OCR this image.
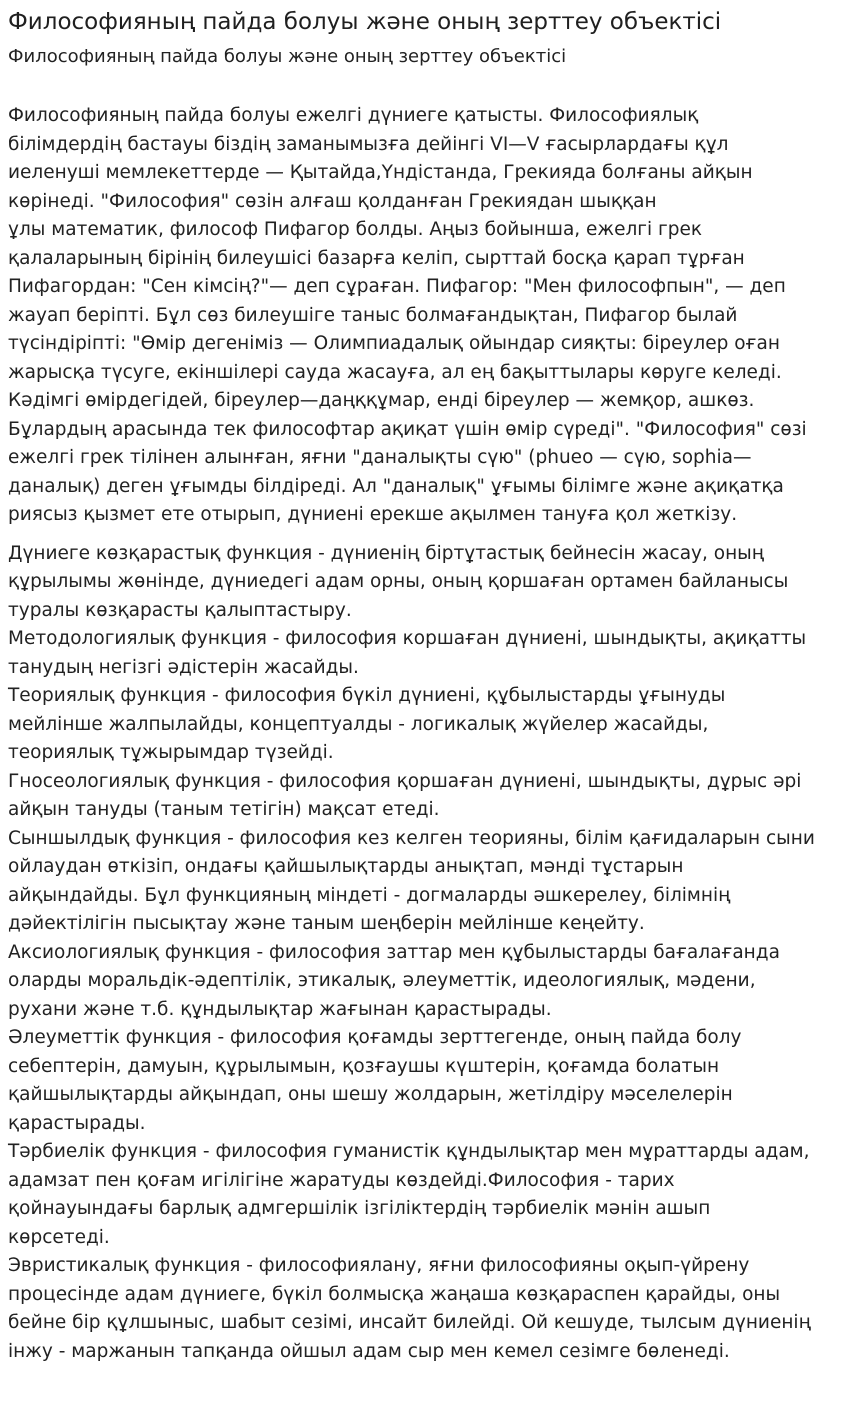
Философияның пайда болуы және оның зерттеу объектісі
Философияның пайда болуы және оның зерттеу объектісі

Философияның пайда болуы ежелгі дүниеге қатысты. Философиялық
білімдердің бастауы біздің заманымызға дейінгі VI—V ғасырлардағы құл
иеленуші мемлекеттерде — Қытайда,Үндістанда, Грекияда болғаны айқын
көрінеді. "Философия" сөзін алғаш қолданған Грекиядан шыққан
ұлы математик, философ Пифагор болды. Аңыз бойынша, ежелгі грек
қалаларының бірінің билеушісі базарға келіп, сырттай босқа қарап тұрған
Пифагордан: "Сен кімсің?"— деп сұраған. Пифагор: "Мен философпын", — деп
жауап беріпті. Бұл сөз билеушіге таныс болмағандықтан, Пифагор былай
түсіндіріпті: "Өмір дегеніміз — Олимпиадалық ойындар сияқты: біреулер оған
жарысқа түсуге, екіншілері сауда жасауға, ал ең бақыттылары көруге келеді.
Кәдімгі өмірдегідей, біреулер—даңққұмар, енді біреулер — жемқор, ашкөз.
Бұлардың арасында тек философтар ақиқат үшін өмір сүреді". "Философия" сөзі
ежелгі грек тілінен алынған, яғни "даналықты сүю" (phueo — сүю, sophia—
даналық) деген ұғымды білдіреді. Ал "даналық" ұғымы білімге және ақиқатқа
риясыз қызмет ете отырып, дүниені ерекше ақылмен тануға қол жеткізу.

Дүниеге көзқарастық функция - дүниенің біртұтастық бейнесін жасау, оның
құрылымы жөнінде, дүниедегі адам орны, оның қоршаған ортамен байланысы
туралы көзқарасты қалыптастыру.

Методологиялық функция - философия коршаған дүниені, шындықты, ақиқатты
танудың негізгі әдістерін жасайды.

Теориялық функция - философия бүкіл дүниені, құбылыстарды ұғынуды
мейлінше жалпылайды, концептуалды - логикалық жүйелер жасайды,
теориялық тұжырымдар түзейді.

Гносеологиялық функция - философия қоршаған дүниені, шындықты, дұрыс әрі
айқын тануды (таным тетігін) мақсат етеді.

Сыншылдық функция - философия кез келген теорияны, білім қағидаларын сыни
ойлаудан өткізіп, ондағы қайшылықтарды анықтап, мәнді тұстарын
айқындайды. Бұл функцияның міндеті - догмаларды әшкерелеу, білімнің
дәйектілігін пысықтау және таным шеңберін мейлінше кеңейту.

Аксиологиялық функция - философия заттар мен құбылыстарды бағалағанда
оларды моральдік-әдептілік, этикалық, әлеуметтік, идеологиялық, мәдени,
рухани және т.б. құндылықтар жағынан қарастырады.

Әлеуметтік функция - философия қоғамды зерттегенде, оның пайда болу
себептерін, дамуын, құрылымын, қозғаушы күштерін, қоғамда болатын
қайшылықтарды айқындап, оны шешу жолдарын, жетілдіру мәселелерін
қарастырады.

Тәрбиелік функция - философия гуманистік құндылықтар мен мұраттарды адам,
адамзат пен қоғам игілігіне жаратуды көздейді.Философия - тарих
қойнауындағы барлық адмгершілік ізгіліктердің тәрбиелік мәнін ашып
көрсетеді.

Эвристикалық функция - философиялану, яғни философияны оқып-үйрену
процесінде адам дүниеге, бүкіл болмысқа жаңаша көзқараспен қарайды, оны
бейне бір құлшыныс, шабыт сезімі, инсайт билейді. Ой кешуде, тылсым дүниенің
інжу - маржанын тапқанда ойшыл адам сыр мен кемел сезімге бөленеді.
